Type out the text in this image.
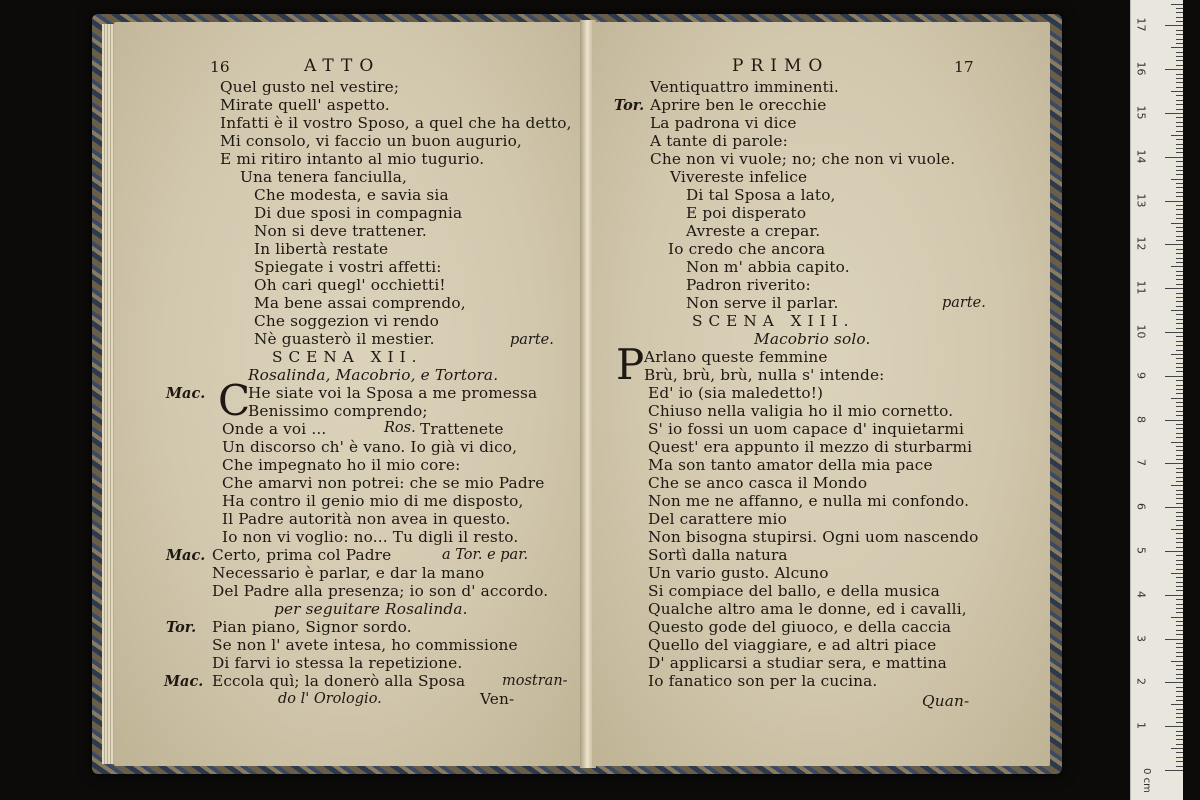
16	ATTO
Quel gusto nel vestire;
Mirate quell' aspetto.
Infatti è il vostro Sposo, a quel che ha detto,
Mi consolo, vi faccio un buon augurio,
E mi ritiro intanto al mio tugurio.
Una tenera fanciulla,
Che modesta, e savia sia
Di due sposi in compagnia
Non si deve trattener.
In libertà restate
Spiegate i vostri affetti:
Oh cari quegl' occhietti!
Ma bene assai comprendo,
Che soggezion vi rendo
Nè guasterò il mestier.	parte.
SCENA XII.
Rosalinda, Macobrio, e Tortora.
Mac. C
He siate voi la Sposa a me promessa
Benissimo comprendo;
Onde a voi ...	Ros. Trattenete
Un discorso ch' è vano. Io già vi dico,
Che impegnato ho il mio core:
Che amarvi non potrei: che se mio Padre
Ha contro il genio mio di me disposto,
Il Padre autorità non avea in questo.
Io non vi voglio: no... Tu digli il resto.
Mac. Certo, prima col Padre	a Tor. e par.
Necessario è parlar, e dar la mano
Del Padre alla presenza; io son d' accordo.
per seguitare Rosalinda.
Tor. Pian piano, Signor sordo.
Se non l' avete intesa, ho commissione
Di farvi io stessa la repetizione.
Mac. Eccola quì; la donerò alla Sposa	mostran-
do l' Orologio.	Ven-
PRIMO	17
Ventiquattro imminenti.
Tor. Aprire ben le orecchie
La padrona vi dice
A tante di parole:
Che non vi vuole; no; che non vi vuole.
Vivereste infelice
Di tal Sposa a lato,
E poi disperato
Avreste a crepar.
Io credo che ancora
Non m' abbia capito.
Padron riverito:
Non serve il parlar.	parte.
SCENA XIII.
Macobrio solo.
P Arlano queste femmine
Brù, brù, brù, nulla s' intende:
Ed' io (sia maledetto!)
Chiuso nella valigia ho il mio cornetto.
S' io fossi un uom capace d' inquietarmi
Quest' era appunto il mezzo di sturbarmi
Ma son tanto amator della mia pace
Che se anco casca il Mondo
Non me ne affanno, e nulla mi confondo.
Del carattere mio
Non bisogna stupirsi. Ogni uom nascendo
Sortì dalla natura
Un vario gusto. Alcuno
Si compiace del ballo, e della musica
Qualche altro ama le donne, ed i cavalli,
Questo gode del giuoco, e della caccia
Quello del viaggiare, e ad altri piace
D' applicarsi a studiar sera, e mattina
Io fanatico son per la cucina.
Quan-
0 cm
1
2
3
4
5
6
7
8
9
10
11
12
13
14
15
16
17
